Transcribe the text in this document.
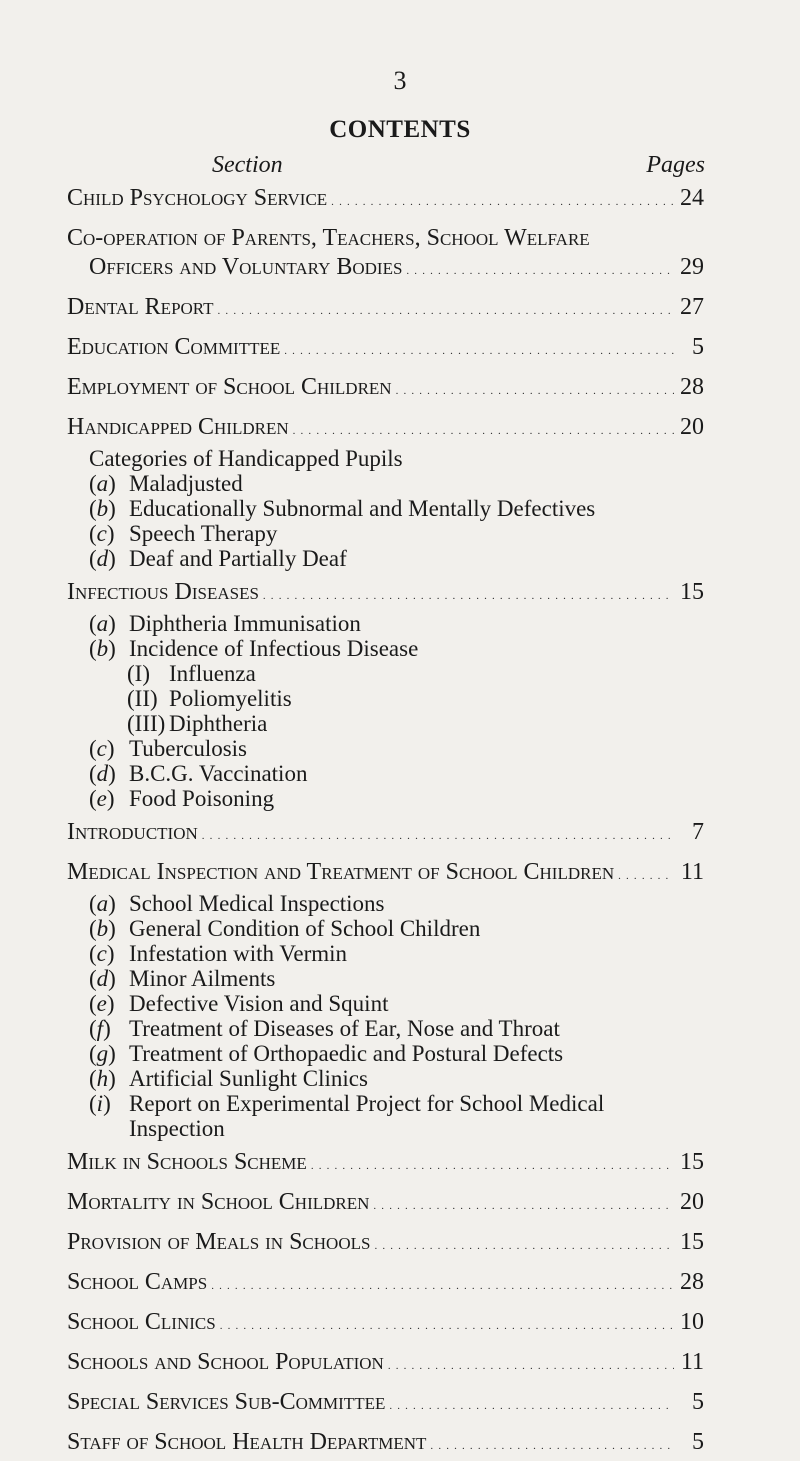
3
CONTENTS
Section	Pages
Child Psychology Service . . .	24
Co-operation of Parents, Teachers, School Welfare
Officers and Voluntary Bodies . . .	29
Dental Report . . .	27
Education Committee . . .	5
Employment of School Children . . .	28
Handicapped Children . . .	20
Categories of Handicapped Pupils
(a) Maladjusted
(b) Educationally Subnormal and Mentally Defectives
(c) Speech Therapy
(d) Deaf and Partially Deaf
Infectious Diseases . . .	15
(a) Diphtheria Immunisation
(b) Incidence of Infectious Disease
(I) Influenza
(II) Poliomyelitis
(III) Diphtheria
(c) Tuberculosis
(d) B.C.G. Vaccination
(e) Food Poisoning
Introduction . . .	7
Medical Inspection and Treatment of School Children . . .	11
(a) School Medical Inspections
(b) General Condition of School Children
(c) Infestation with Vermin
(d) Minor Ailments
(e) Defective Vision and Squint
(f) Treatment of Diseases of Ear, Nose and Throat
(g) Treatment of Orthopaedic and Postural Defects
(h) Artificial Sunlight Clinics
(i) Report on Experimental Project for School Medical Inspection
Milk in Schools Scheme . . .	15
Mortality in School Children . . .	20
Provision of Meals in Schools . . .	15
School Camps . . .	28
School Clinics . . .	10
Schools and School Population . . .	11
Special Services Sub-Committee . . .	5
Staff of School Health Department . . .	5
